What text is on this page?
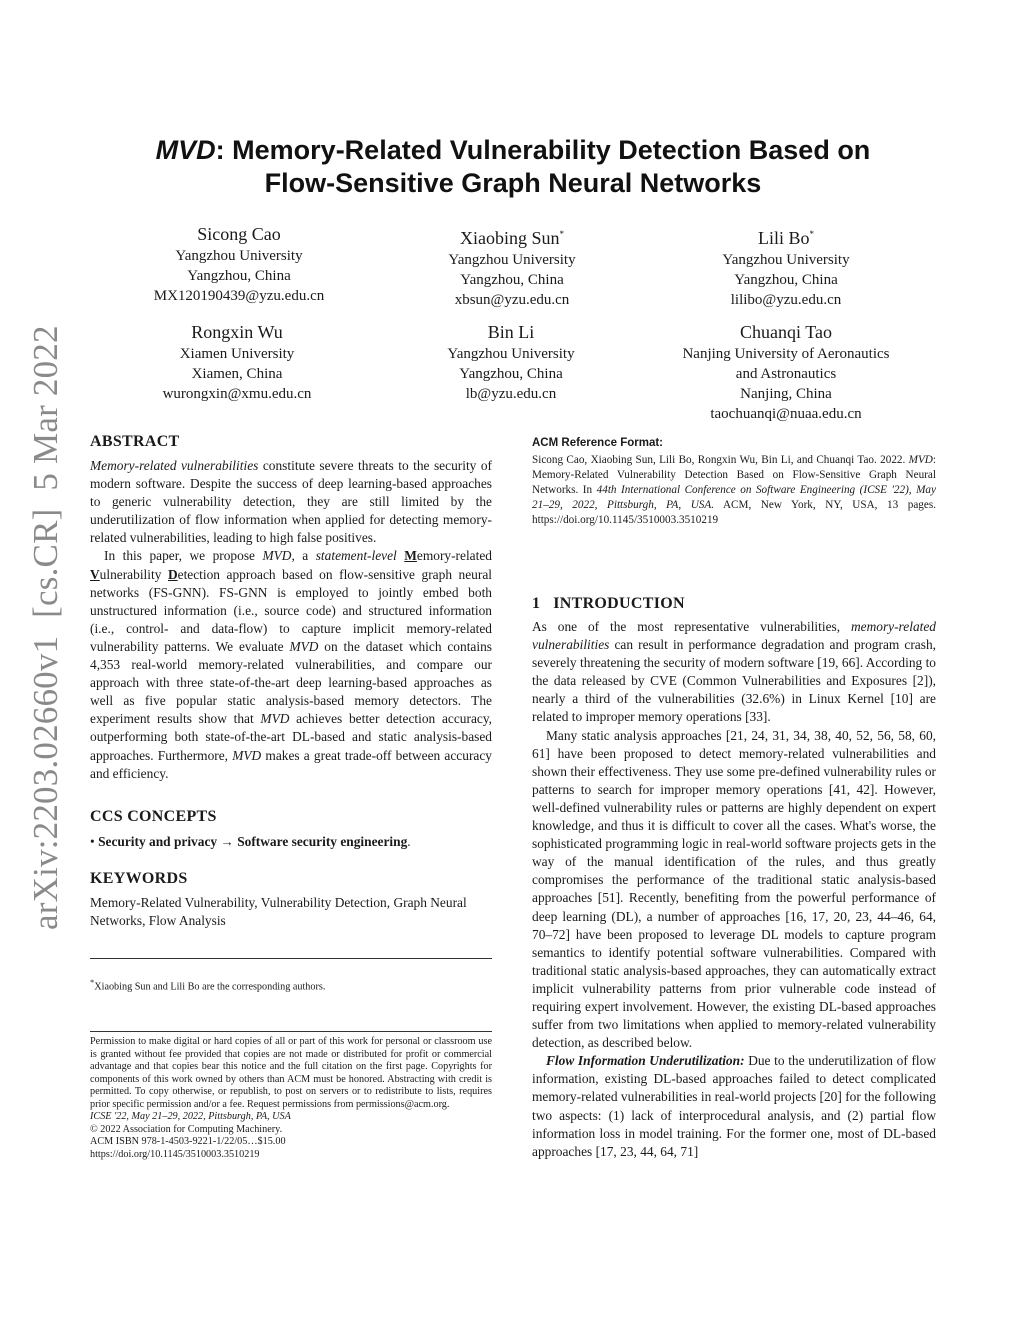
arXiv:2203.02660v1  [cs.CR]  5 Mar 2022
MVD: Memory-Related Vulnerability Detection Based on
Flow-Sensitive Graph Neural Networks
Sicong Cao
Yangzhou University
Yangzhou, China
MX120190439@yzu.edu.cn
Xiaobing Sun*
Yangzhou University
Yangzhou, China
xbsun@yzu.edu.cn
Lili Bo*
Yangzhou University
Yangzhou, China
lilibo@yzu.edu.cn
Rongxin Wu
Xiamen University
Xiamen, China
wurongxin@xmu.edu.cn
Bin Li
Yangzhou University
Yangzhou, China
lb@yzu.edu.cn
Chuanqi Tao
Nanjing University of Aeronautics
and Astronautics
Nanjing, China
taochuanqi@nuaa.edu.cn
ABSTRACT

Memory-related vulnerabilities constitute severe threats to the security of modern software. Despite the success of deep learning-based approaches to generic vulnerability detection, they are still limited by the underutilization of flow information when applied for detecting memory-related vulnerabilities, leading to high false positives.

In this paper, we propose MVD, a statement-level Memory-related Vulnerability Detection approach based on flow-sensitive graph neural networks (FS-GNN). FS-GNN is employed to jointly embed both unstructured information (i.e., source code) and structured information (i.e., control- and data-flow) to capture implicit memory-related vulnerability patterns. We evaluate MVD on the dataset which contains 4,353 real-world memory-related vulnerabilities, and compare our approach with three state-of-the-art deep learning-based approaches as well as five popular static analysis-based memory detectors. The experiment results show that MVD achieves better detection accuracy, outperforming both state-of-the-art DL-based and static analysis-based approaches. Furthermore, MVD makes a great trade-off between accuracy and efficiency.

CCS CONCEPTS

• Security and privacy → Software security engineering.

KEYWORDS

Memory-Related Vulnerability, Vulnerability Detection, Graph Neural Networks, Flow Analysis

*Xiaobing Sun and Lili Bo are the corresponding authors.

Permission to make digital or hard copies of all or part of this work for personal or classroom use is granted without fee provided that copies are not made or distributed for profit or commercial advantage and that copies bear this notice and the full citation on the first page. Copyrights for components of this work owned by others than ACM must be honored. Abstracting with credit is permitted. To copy otherwise, or republish, to post on servers or to redistribute to lists, requires prior specific permission and/or a fee. Request permissions from permissions@acm.org.

ICSE '22, May 21–29, 2022, Pittsburgh, PA, USA

© 2022 Association for Computing Machinery.

ACM ISBN 978-1-4503-9221-1/22/05…$15.00

https://doi.org/10.1145/3510003.3510219

ACM Reference Format:

Sicong Cao, Xiaobing Sun, Lili Bo, Rongxin Wu, Bin Li, and Chuanqi Tao. 2022. MVD: Memory-Related Vulnerability Detection Based on Flow-Sensitive Graph Neural Networks. In 44th International Conference on Software Engineering (ICSE '22), May 21–29, 2022, Pittsburgh, PA, USA. ACM, New York, NY, USA, 13 pages. https://doi.org/10.1145/3510003.3510219

1 INTRODUCTION

As one of the most representative vulnerabilities, memory-related vulnerabilities can result in performance degradation and program crash, severely threatening the security of modern software [19, 66]. According to the data released by CVE (Common Vulnerabilities and Exposures [2]), nearly a third of the vulnerabilities (32.6%) in Linux Kernel [10] are related to improper memory operations [33].

Many static analysis approaches [21, 24, 31, 34, 38, 40, 52, 56, 58, 60, 61] have been proposed to detect memory-related vulnerabilities and shown their effectiveness. They use some pre-defined vulnerability rules or patterns to search for improper memory operations [41, 42]. However, well-defined vulnerability rules or patterns are highly dependent on expert knowledge, and thus it is difficult to cover all the cases. What's worse, the sophisticated programming logic in real-world software projects gets in the way of the manual identification of the rules, and thus greatly compromises the performance of the traditional static analysis-based approaches [51]. Recently, benefiting from the powerful performance of deep learning (DL), a number of approaches [16, 17, 20, 23, 44–46, 64, 70–72] have been proposed to leverage DL models to capture program semantics to identify potential software vulnerabilities. Compared with traditional static analysis-based approaches, they can automatically extract implicit vulnerability patterns from prior vulnerable code instead of requiring expert involvement. However, the existing DL-based approaches suffer from two limitations when applied to memory-related vulnerability detection, as described below.

Flow Information Underutilization: Due to the underutilization of flow information, existing DL-based approaches failed to detect complicated memory-related vulnerabilities in real-world projects [20] for the following two aspects: (1) lack of interprocedural analysis, and (2) partial flow information loss in model training. For the former one, most of DL-based approaches [17, 23, 44, 64, 71]
